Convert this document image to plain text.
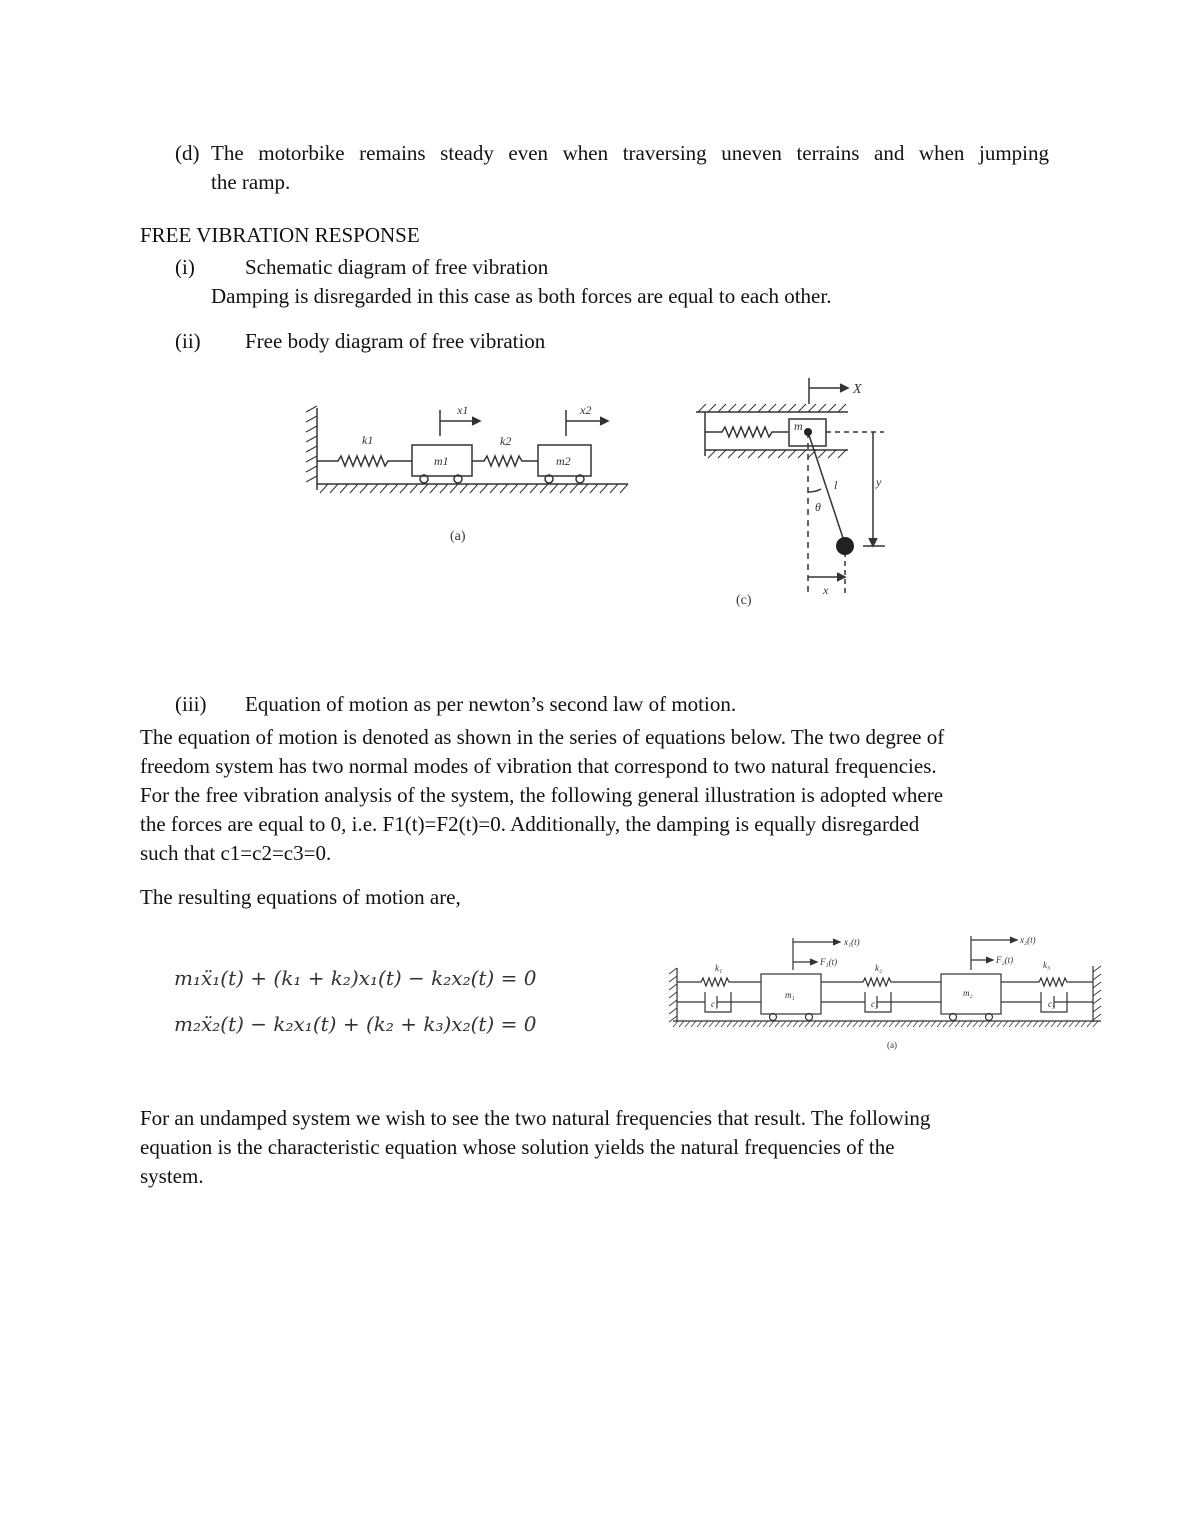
(d) The motorbike remains steady even when traversing uneven terrains and when jumping
the ramp.
FREE VIBRATION RESPONSE
(i) Schematic diagram of free vibration
Damping is disregarded in this case as both forces are equal to each other.
(ii) Free body diagram of free vibration
k1	k2
m1	m2
x1	x2
(a)
m
X
l	y
θ
x
(c)
(iii) Equation of motion as per newton’s second law of motion.
The equation of motion is denoted as shown in the series of equations below. The two degree of
freedom system has two normal modes of vibration that correspond to two natural frequencies.
For the free vibration analysis of the system, the following general illustration is adopted where
the forces are equal to 0, i.e. F1(t)=F2(t)=0. Additionally, the damping is equally disregarded
such that c1=c2=c3=0.
The resulting equations of motion are,
m₁ẍ₁(t) + (k₁ + k₂)x₁(t) − k₂x₂(t) = 0
m₂ẍ₂(t) − k₂x₁(t) + (k₂ + k₃)x₂(t) = 0
k₁	k₂	k₃
c₁	c₂	c₃
m₁	m₂
x₁(t)
F₁(t)
x₂(t)
F₂(t)
(a)
For an undamped system we wish to see the two natural frequencies that result. The following
equation is the characteristic equation whose solution yields the natural frequencies of the
system.
